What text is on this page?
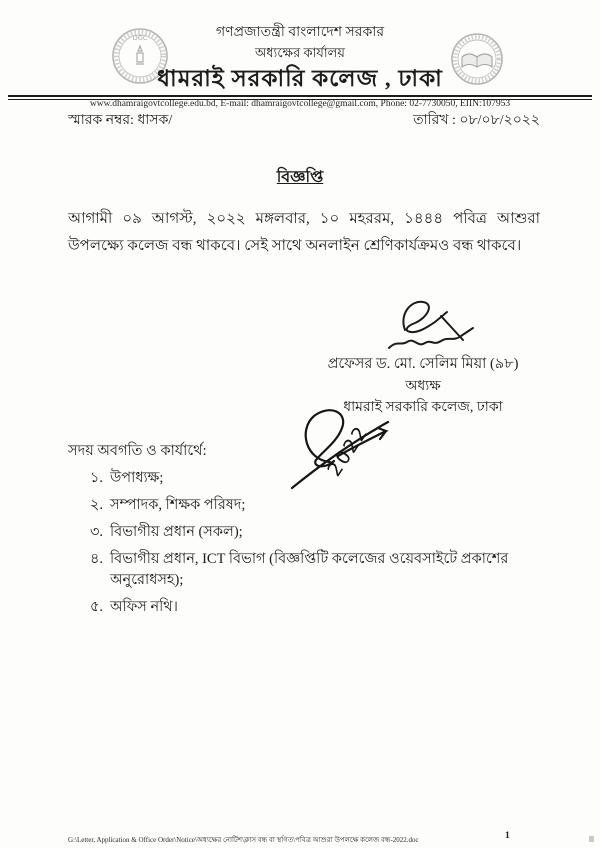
DGC	গণপ্রজাতন্ত্রী বাংলাদেশ সরকার
অধ্যক্ষের কার্যালয়
ধামরাই সরকারি কলেজ , ঢাকা
www.dhamraigovtcollege.edu.bd, E-mail: dhamraigovtcollege@gmail.com, Phone: 02-7730050, EIIN:107953
স্মারক নম্বর: ধাসক/	তারিখ : ০৮/০৮/২০২২
বিজ্ঞপ্তি
আগামী ০৯ আগস্ট, ২০২২ মঙ্গলবার, ১০ মহররম, ১৪৪৪ পবিত্র আশুরা উপলক্ষ্যে কলেজ বন্ধ থাকবে। সেই সাথে অনলাইন শ্রেণিকার্যক্রমও বন্ধ থাকবে।
প্রফেসর ড. মো. সেলিম মিয়া (৯৮)
অধ্যক্ষ
ধামরাই সরকারি কলেজ, ঢাকা
2022
সদয় অবগতি ও কার্যার্থে:
১. উপাধ্যক্ষ;
২. সম্পাদক, শিক্ষক পরিষদ;
৩. বিভাগীয় প্রধান (সকল);
৪. বিভাগীয় প্রধান, ICT বিভাগ (বিজ্ঞপ্তিটি কলেজের ওয়েবসাইটে প্রকাশের অনুরোধসহ);
৫. অফিস নথি।
G:\Letter, Application & Office Order\Notice\অধ্যক্ষের নোটিশ\ক্লাস বন্ধ বা স্থগিত\পবিত্র আশুরা উপলক্ষে কলেজ বন্ধ-2022.doc	1
